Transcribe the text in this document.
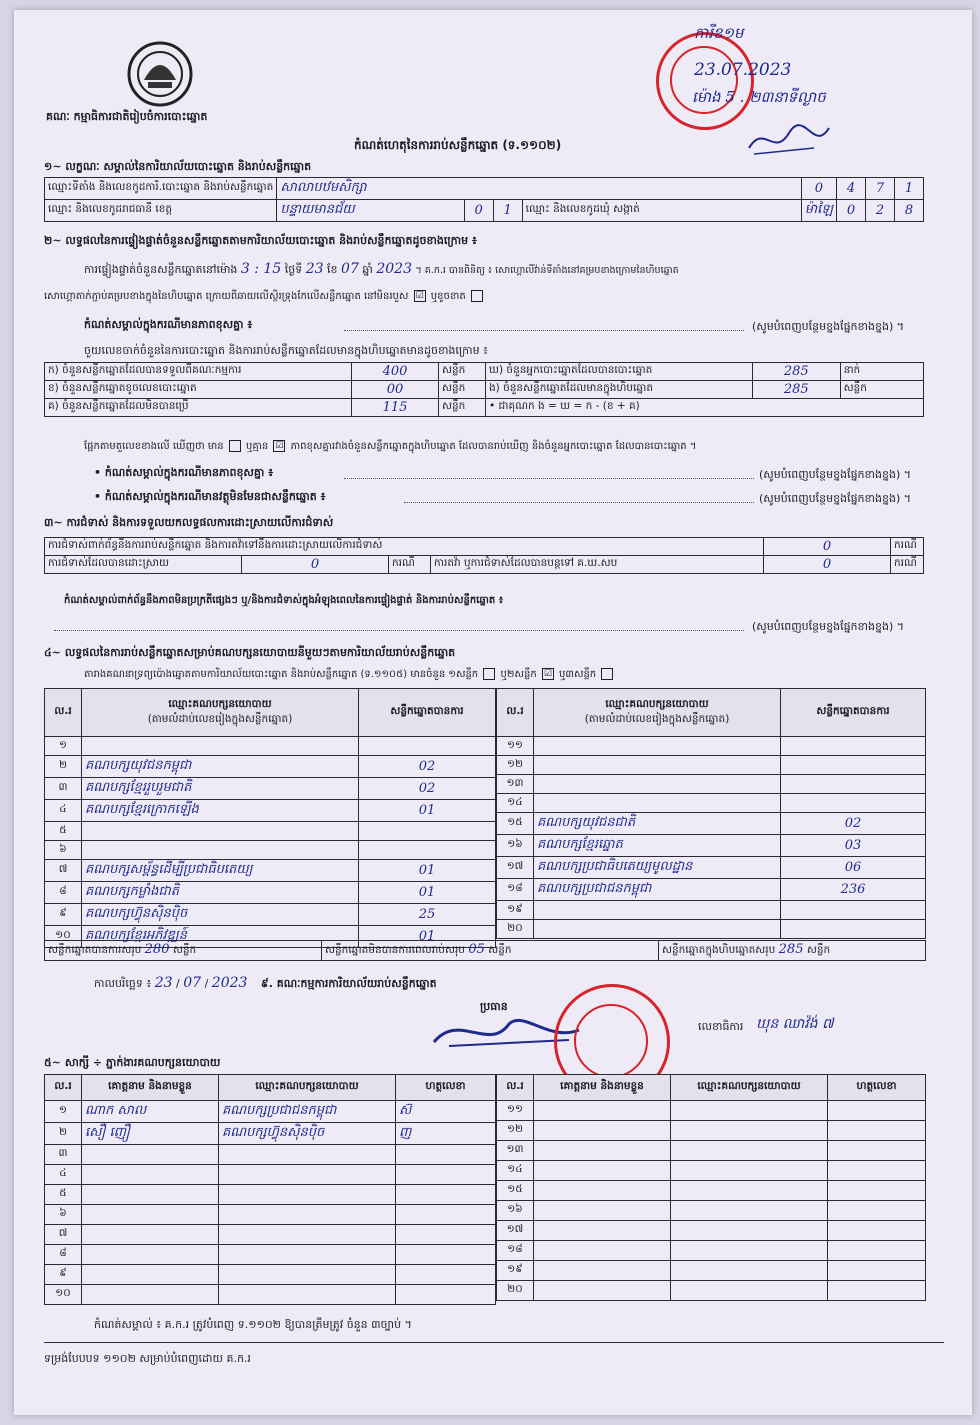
គណៈ កម្មាធិការជាតិរៀបចំការបោះឆ្នោត
កំណត់ហេតុនៃការរាប់សន្លឹកឆ្នោត (ទ.១១០២)
ការីខ១ម
23.07.2023
ម៉ោង 5 . ២៣នាទីល្ងាច
១~ លក្ខណៈ សម្គាល់នៃការិយាល័យបោះឆ្នោត និងរាប់សន្លឹកឆ្នោត
ឈ្មោះទីតាំង និងលេខកូដការិ.បោះឆ្នោត និងរាប់សន្លឹកឆ្នោត	សាលាបឋមសិក្សា				0	4	7	1
ឈ្មោះ និងលេខកូដរាជធានី ខេត្ត	បន្ទាយមានជ័យ	0	1	ឈ្មោះ និងលេខកូដឃុំ សង្កាត់	ម៉ាឡៃ	0	2	8
២~ លទ្ធផលនៃការផ្ទៀងផ្ទាត់ចំនួនសន្លឹកឆ្នោតតាមការិយាល័យបោះឆ្នោត និងរាប់សន្លឹកឆ្នោតដូចខាងក្រោម ៖
ការផ្ទៀងផ្ទាត់ចំនួនសន្លឹកឆ្នោតនៅម៉ោង 3 : 15 ថ្ងៃទី 23 ខែ 07 ឆ្នាំ 2023 ។ គ.ក.រ បានពិនិត្យ ៖ សោហ្គោលីវ៉ាន់ទីតាំងនៅគម្របខាងក្រោមនៃហិបឆ្នោត
សោហ្គោតាក់ភ្ជាប់គម្របខាងក្នុងនៃហិបឆ្នោត ក្រោយពីឆាយលើស្ថិរទ្រុងកែលើសន្លឹកឆ្នោត នៅមិនរបួស ☑ ឬខូចខាត
កំណត់សម្គាល់ក្នុងករណីមានភាពខុសគ្នា ៖	(សូមបំពេញបន្ថែមខ្នងផ្នែកខាងខ្នង) ។
ចួយលេខចាក់ចំនួននៃការបោះឆ្នោត និងការរាប់សន្លឹកឆ្នោតដែលមានក្នុងហិបឆ្នោតមានដូចខាងក្រោម ៖
ក) ចំនួនសន្លឹកឆ្នោតដែលបានទទួលពីគណៈកម្មការ	400	សន្លឹក	ឃ) ចំនួនអ្នកបោះឆ្នោតដែលបានបោះឆ្នោត	285	នាក់
ខ) ចំនួនសន្លឹកឆ្នោតខូចលេខបោះឆ្នោត	00	សន្លឹក	ង) ចំនួនសន្លឹកឆ្នោតដែលមានក្នុងហិបឆ្នោត	285	សន្លឹក
គ) ចំនួនសន្លឹកឆ្នោតដែលមិនបានប្រើ	115	សន្លឹក	• ជាគុណក ង = ឃ = ក - (ខ + គ)		
ផ្អែកតាមតួលេខខាងលើ ឃើញថា មាន ឬគ្មាន ☑ ភាពខុសគ្នារវាងចំនួនសន្លឹកឆ្នោតក្នុងហិបឆ្នោត ដែលបានរាប់ឃើញ និងចំនួនអ្នកបោះឆ្នោត ដែលបានបោះឆ្នោត ។
• កំណត់សម្គាល់ក្នុងករណីមានភាពខុសគ្នា ៖	(សូមបំពេញបន្ថែមខ្នងផ្នែកខាងខ្នង) ។
• កំណត់សម្គាល់ក្នុងករណីមានវត្ថុមិនមែនជាសន្លឹកឆ្នោត ៖	(សូមបំពេញបន្ថែមខ្នងផ្នែកខាងខ្នង) ។
៣~ ការជំទាស់ និងការទទួលយកលទ្ធផលការដោះស្រាយលើការជំទាស់
ការជំទាស់ពាក់ព័ន្ធនឹងការរាប់សន្លឹកឆ្នោត និងការតវ៉ាទៅនឹងការដោះស្រាយលើការជំទាស់				0	ករណី
ការជំទាស់ដែលបានដោះស្រាយ	0	ករណី	ការតវ៉ា ឬការជំទាស់ដែលបានបន្តទៅ គ.ឃ.សប	0	ករណី
កំណត់សម្គាល់ពាក់ព័ន្ធនឹងភាពមិនប្រក្រតីផ្សេងៗ ឬ/និងការជំទាស់ក្នុងអំឡុងពេលនៃការផ្ទៀងផ្ទាត់ និងការរាប់សន្លឹកឆ្នោត ៖
(សូមបំពេញបន្ថែមខ្នងផ្នែកខាងខ្នង) ។
៤~ លទ្ធផលនៃការរាប់សន្លឹកឆ្នោតសម្រាប់គណបក្សនយោបាយនីមួយៗតាមការិយាល័យរាប់សន្លឹកឆ្នោត
តារាងគណនាទ្រព្យប៉ោងឆ្នោតតាមការិយាល័យបោះឆ្នោត និងរាប់សន្លឹកឆ្នោត (ទ.១១០៥) មានចំនួន ១សន្លឹក ឬ២សន្លឹក ☑ ឬ៣សន្លឹក
ល.រ	ឈ្មោះគណបក្សនយោបាយ
(តាមលំដាប់លេខរៀងក្នុងសន្លឹកឆ្នោត)	សន្លឹកឆ្នោតបានការ
១		
២	គណបក្សយុវជនកម្ពុជា	02
៣	គណបក្សខ្មែររួបរួមជាតិ	02
៤	គណបក្សខ្មែរក្រោកឡើង	01
៥		
៦		
៧	គណបក្សសម្ព័ន្ធដើម្បីប្រជាធិបតេយ្យ	01
៨	គណបក្សកម្លាំងជាតិ	01
៩	គណបក្សហ៊្វុនស៊ិនប៉ិច	25
១០	គណបក្សខ្មែរអភិវឌ្ឍន៍	01
ល.រ	ឈ្មោះគណបក្សនយោបាយ
(តាមលំដាប់លេខរៀងក្នុងសន្លឹកឆ្នោត)	សន្លឹកឆ្នោតបានការ
១១		
១២		
១៣		
១៤		
១៥	គណបក្សយុវជនជាតិ	02
១៦	គណបក្សខ្មែរឆ្នោត	03
១៧	គណបក្សប្រជាធិបតេយ្យមូលដ្ឋាន	06
១៨	គណបក្សប្រជាជនកម្ពុជា	236
១៩		
២០		
សន្លឹកឆ្នោតបានការសរុប 280 សន្លឹក	សន្លឹកឆ្នោតមិនបានការពេលរាប់សរុប 05 សន្លឹក	សន្លឹកឆ្នោតក្នុងហិបឆ្នោតសរុប 285 សន្លឹក
កាលបរិច្ឆេទ ៖ 23 / 07 / 2023 ៩. គណៈកម្មការការិយាល័យរាប់សន្លឹកឆ្នោត
ប្រធាន
លេខាធិការ ឃុន ឈាវ៉ង់ ៧
៥~ សាក្សី ÷ ភ្នាក់ងារគណបក្សនយោបាយ
ល.រ	គោត្តនាម និងនាមខ្លួន	ឈ្មោះគណបក្សនយោបាយ	ហត្ថលេខា
១	ណាក សាល	គណបក្សប្រជាជនកម្ពុជា	ស៊
២	សឿ ញឿ	គណបក្សហ៊្វុនស៊ិនប៉ិច	ញ
៣			
៤			
៥			
៦			
៧			
៨			
៩			
១០			
ល.រ	គោត្តនាម និងនាមខ្លួន	ឈ្មោះគណបក្សនយោបាយ	ហត្ថលេខា
១១			
១២			
១៣			
១៤			
១៥			
១៦			
១៧			
១៨			
១៩			
២០			
កំណត់សម្គាល់ ៖ គ.ក.រ ត្រូវបំពេញ ទ.១១០២ ឱ្យបានត្រឹមត្រូវ ចំនួន ៣ច្បាប់ ។
ទម្រង់បែបបទ ១១០២ សម្រាប់បំពេញដោយ គ.ក.រ
